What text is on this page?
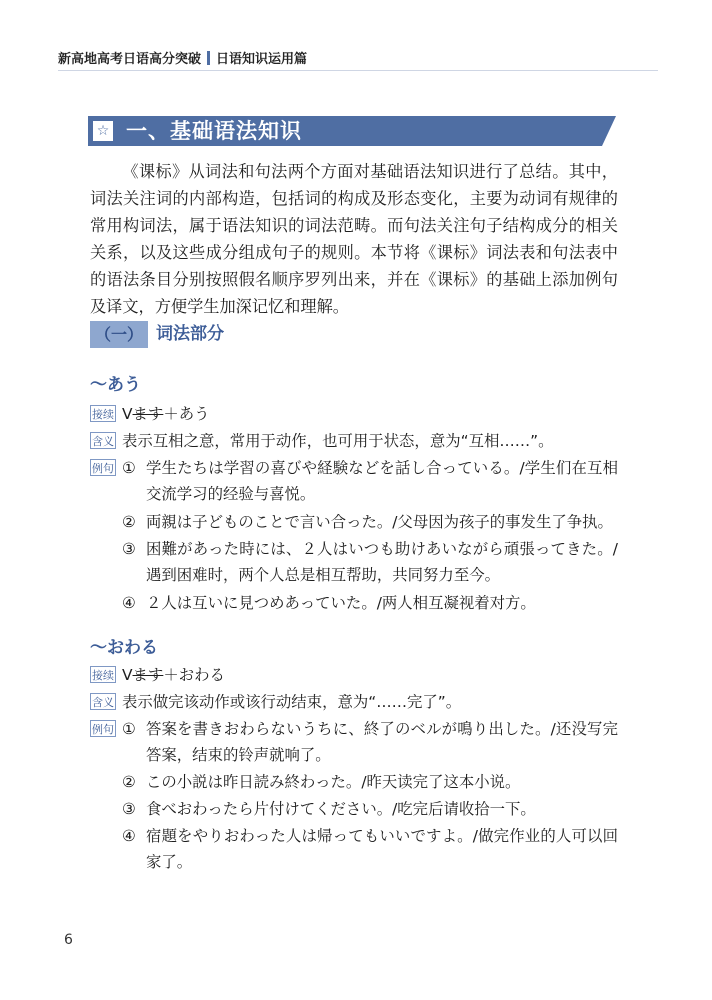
新高地高考日语高分突破 日语知识运用篇
☆ 一、基础语法知识
《课标》从词法和句法两个方面对基础语法知识进行了总结。其中，词法关注词的内部构造，包括词的构成及形态变化，主要为动词有规律的常用构词法，属于语法知识的词法范畴。而句法关注句子结构成分的相关关系，以及这些成分组成句子的规则。本节将《课标》词法表和句法表中的语法条目分别按照假名顺序罗列出来，并在《课标》的基础上添加例句及译文，方便学生加深记忆和理解。
（一） 词法部分
～あう
接续 Vます＋あう
含义 表示互相之意，常用于动作，也可用于状态，意为“互相……”。
例句 ① 学生たちは学習の喜びや経験などを話し合っている。/学生们在互相交流学习的经验与喜悦。
② 両親は子どものことで言い合った。/父母因为孩子的事发生了争执。
③ 困難があった時には、２人はいつも助けあいながら頑張ってきた。/遇到困难时，两个人总是相互帮助，共同努力至今。
④ ２人は互いに見つめあっていた。/两人相互凝视着对方。
～おわる
接续 Vます＋おわる
含义 表示做完该动作或该行动结束，意为“……完了”。
例句 ① 答案を書きおわらないうちに、終了のベルが鳴り出した。/还没写完答案，结束的铃声就响了。
② この小説は昨日読み終わった。/昨天读完了这本小说。
③ 食べおわったら片付けてください。/吃完后请收拾一下。
④ 宿題をやりおわった人は帰ってもいいですよ。/做完作业的人可以回家了。
6
